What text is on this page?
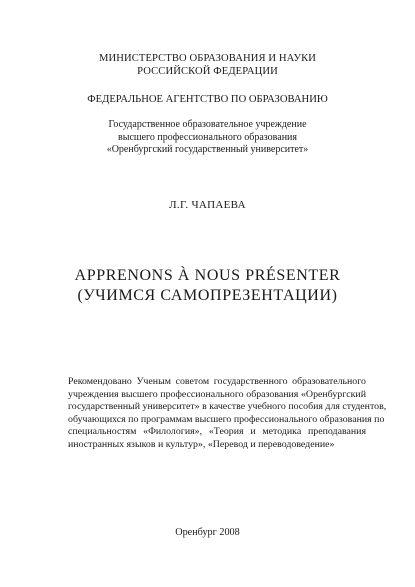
МИНИСТЕРСТВО ОБРАЗОВАНИЯ И НАУКИ
РОССИЙСКОЙ ФЕДЕРАЦИИ
ФЕДЕРАЛЬНОЕ АГЕНТСТВО ПО ОБРАЗОВАНИЮ
Государственное образовательное учреждение
высшего профессионального образования
«Оренбургский государственный университет»
Л.Г. ЧАПАЕВА
APPRENONS À NOUS PRÉSENTER
(УЧИМСЯ САМОПРЕЗЕНТАЦИИ)
Рекомендовано Ученым советом государственного образовательного
учреждения высшего профессионального образования «Оренбургский
государственный университет» в качестве учебного пособия для студентов,
обучающихся по программам высшего профессионального образования по
специальностям «Филология», «Теория и методика преподавания
иностранных языков и культур», «Перевод и переводоведение»
Оренбург 2008
